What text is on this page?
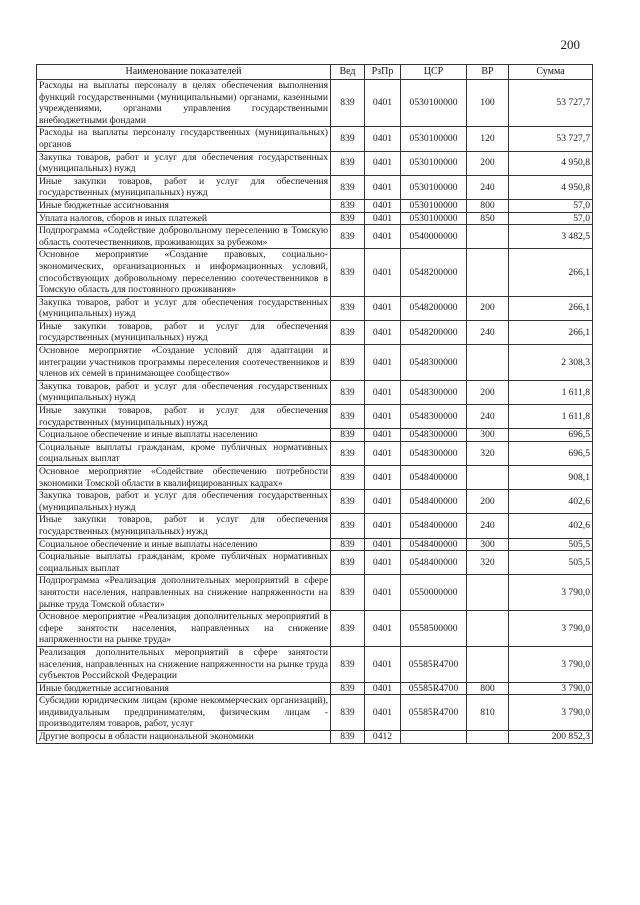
200
Наименование показателей	Вед	РзПр	ЦСР	ВР	Сумма
Расходы на выплаты персоналу в целях обеспечения выполнения функций государственными (муниципальными) органами, казенными учреждениями, органами управления государственными внебюджетными фондами	839	0401	0530100000	100	53 727,7
Расходы на выплаты персоналу государственных (муниципальных) органов	839	0401	0530100000	120	53 727,7
Закупка товаров, работ и услуг для обеспечения государственных (муниципальных) нужд	839	0401	0530100000	200	4 950,8
Иные закупки товаров, работ и услуг для обеспечения государственных (муниципальных) нужд	839	0401	0530100000	240	4 950,8
Иные бюджетные ассигнования	839	0401	0530100000	800	57,0
Уплата налогов, сборов и иных платежей	839	0401	0530100000	850	57,0
Подпрограмма «Содействие добровольному переселению в Томскую область соотечественников, проживающих за рубежом»	839	0401	0540000000		3 482,5
Основное мероприятие «Создание правовых, социально-экономических, организационных и информационных условий, способствующих добровольному переселению соотечественников в Томскую область для постоянного проживания»	839	0401	0548200000		266,1
Закупка товаров, работ и услуг для обеспечения государственных (муниципальных) нужд	839	0401	0548200000	200	266,1
Иные закупки товаров, работ и услуг для обеспечения государственных (муниципальных) нужд	839	0401	0548200000	240	266,1
Основное мероприятие «Создание условий для адаптации и интеграции участников программы переселения соотечественников и членов их семей в принимающее сообщество»	839	0401	0548300000		2 308,3
Закупка товаров, работ и услуг для обеспечения государственных (муниципальных) нужд	839	0401	0548300000	200	1 611,8
Иные закупки товаров, работ и услуг для обеспечения государственных (муниципальных) нужд	839	0401	0548300000	240	1 611,8
Социальное обеспечение и иные выплаты населению	839	0401	0548300000	300	696,5
Социальные выплаты гражданам, кроме публичных нормативных социальных выплат	839	0401	0548300000	320	696,5
Основное мероприятие «Содействие обеспечению потребности экономики Томской области в квалифицированных кадрах»	839	0401	0548400000		908,1
Закупка товаров, работ и услуг для обеспечения государственных (муниципальных) нужд	839	0401	0548400000	200	402,6
Иные закупки товаров, работ и услуг для обеспечения государственных (муниципальных) нужд	839	0401	0548400000	240	402,6
Социальное обеспечение и иные выплаты населению	839	0401	0548400000	300	505,5
Социальные выплаты гражданам, кроме публичных нормативных социальных выплат	839	0401	0548400000	320	505,5
Подпрограмма «Реализация дополнительных мероприятий в сфере занятости населения, направленных на снижение напряженности на рынке труда Томской области»	839	0401	0550000000		3 790,0
Основное мероприятие «Реализация дополнительных мероприятий в сфере занятости населения, направленных на снижение напряженности на рынке труда»	839	0401	0558500000		3 790,0
Реализация дополнительных мероприятий в сфере занятости населения, направленных на снижение напряженности на рынке труда субъектов Российской Федерации	839	0401	05585R4700		3 790,0
Иные бюджетные ассигнования	839	0401	05585R4700	800	3 790,0
Субсидии юридическим лицам (кроме некоммерческих организаций), индивидуальным предпринимателям, физическим лицам - производителям товаров, работ, услуг	839	0401	05585R4700	810	3 790,0
Другие вопросы в области национальной экономики	839	0412			200 852,3
